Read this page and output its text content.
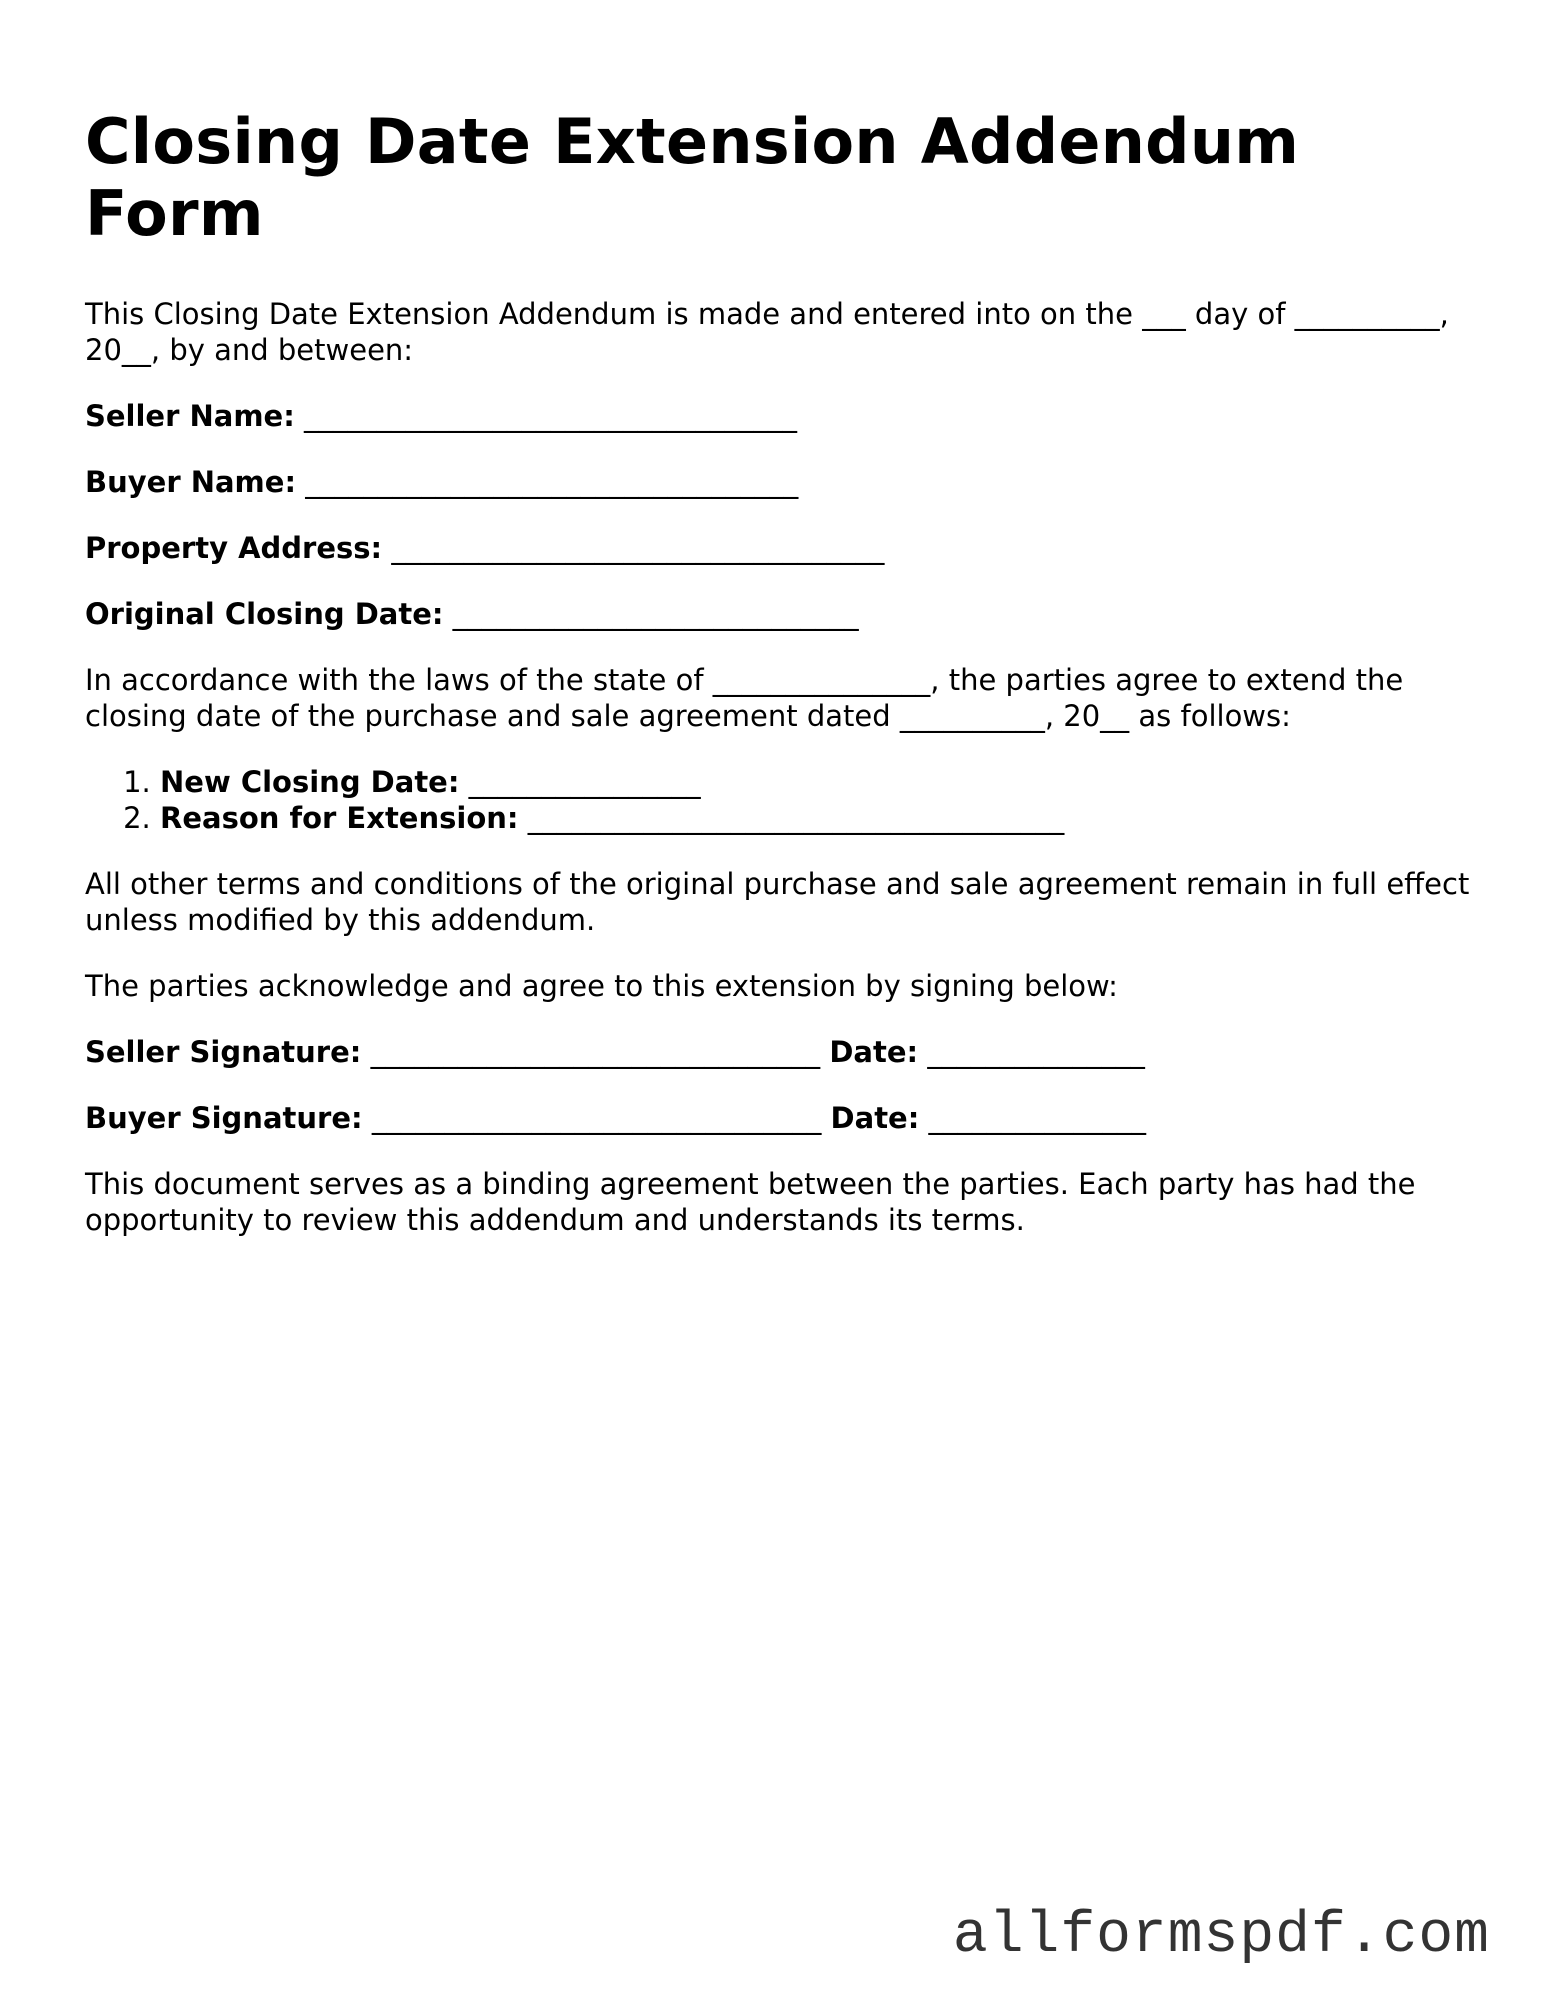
Closing Date Extension Addendum Form

This Closing Date Extension Addendum is made and entered into on the ___ day of __________, 20__, by and between:

Seller Name: __________________________________
Buyer Name: __________________________________
Property Address: __________________________________
Original Closing Date: ____________________________

In accordance with the laws of the state of _______________, the parties agree to extend the closing date of the purchase and sale agreement dated __________, 20__ as follows:

1. New Closing Date: ________________
2. Reason for Extension: _____________________________________

All other terms and conditions of the original purchase and sale agreement remain in full effect unless modified by this addendum.

The parties acknowledge and agree to this extension by signing below:

Seller Signature: _______________________________ Date: _______________
Buyer Signature: _______________________________ Date: _______________

This document serves as a binding agreement between the parties. Each party has had the opportunity to review this addendum and understands its terms.

allformspdf.com
